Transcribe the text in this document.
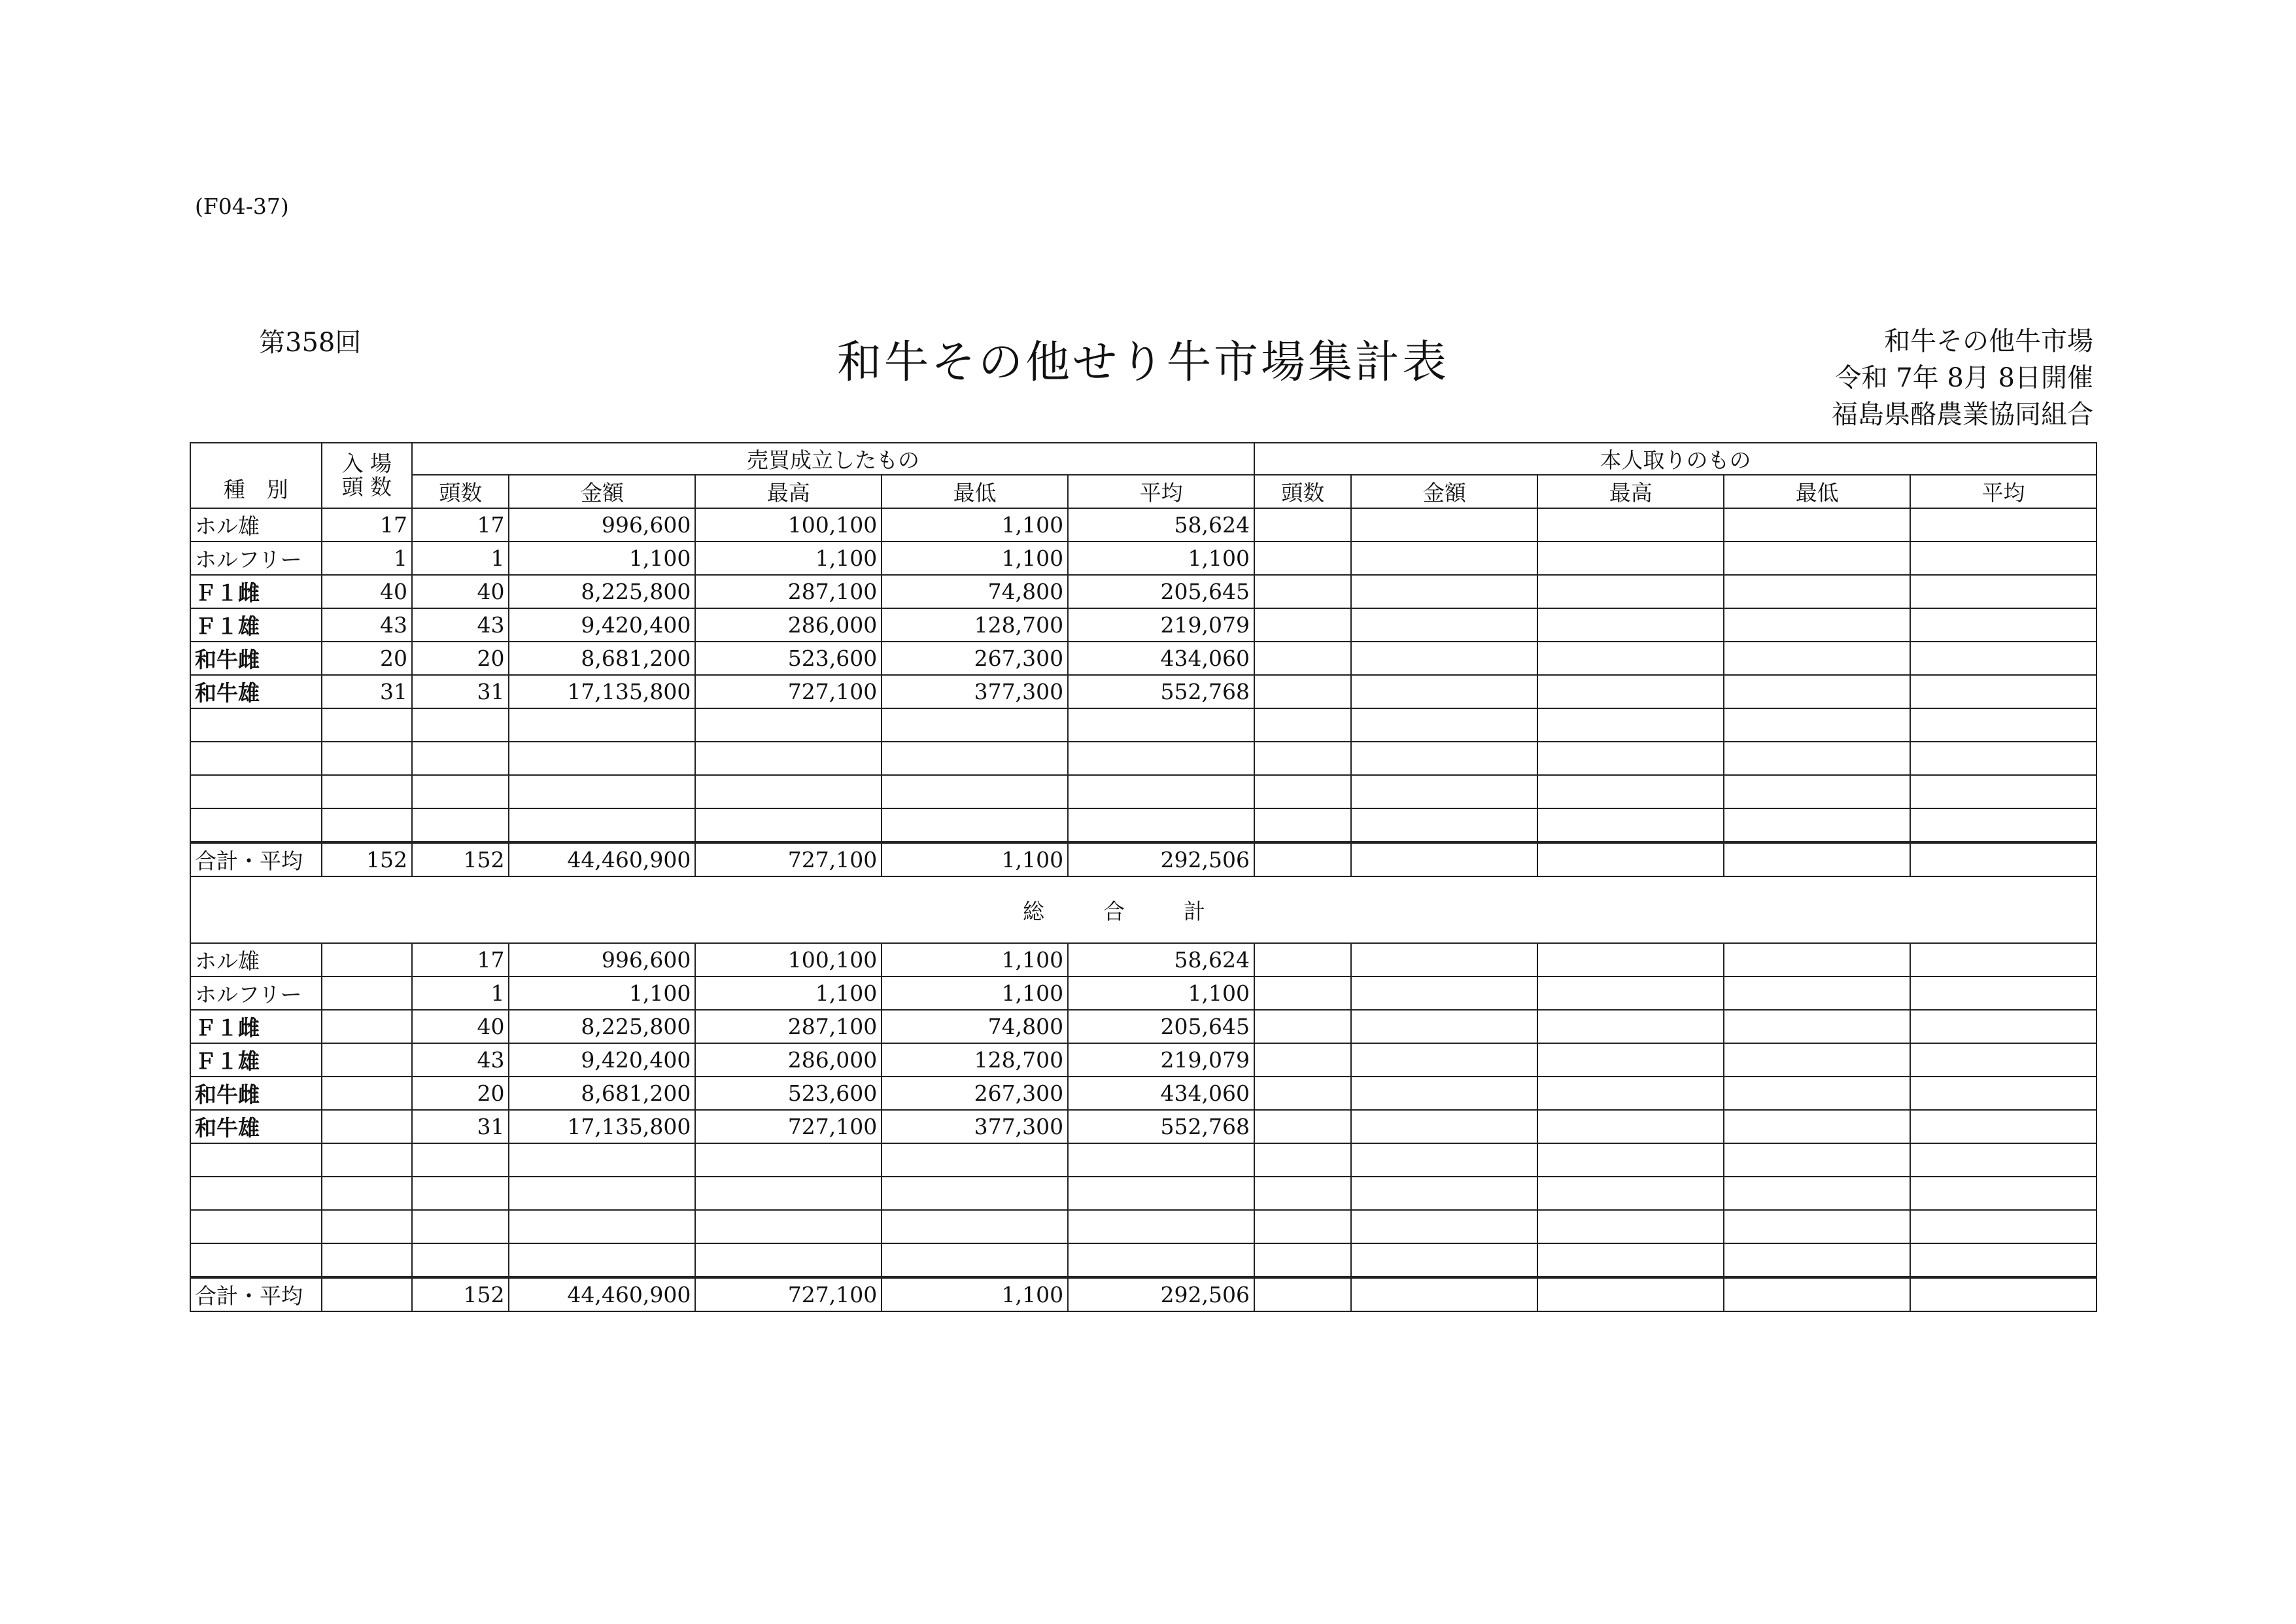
(F04-37)
第358回	和牛その他せり牛市場集計表	和牛その他牛市場
令和 7年 8月 8日開催
福島県酪農業協同組合

種　別	入 場
頭 数	売買成立したもの					本人取りのもの				
		頭数	金額	最高	最低	平均	頭数	金額	最高	最低	平均
ホル雄	17	17	996,600	100,100	1,100	58,624					
ホルフリー	1	1	1,100	1,100	1,100	1,100					
Ｆ１雌	40	40	8,225,800	287,100	74,800	205,645					
Ｆ１雄	43	43	9,420,400	286,000	128,700	219,079					
和牛雌	20	20	8,681,200	523,600	267,300	434,060					
和牛雄	31	31	17,135,800	727,100	377,300	552,768					

合計・平均	152	152	44,460,900	727,100	1,100	292,506					
総合計											
ホル雄		17	996,600	100,100	1,100	58,624					
ホルフリー		1	1,100	1,100	1,100	1,100					
Ｆ１雌		40	8,225,800	287,100	74,800	205,645					
Ｆ１雄		43	9,420,400	286,000	128,700	219,079					
和牛雌		20	8,681,200	523,600	267,300	434,060					
和牛雄		31	17,135,800	727,100	377,300	552,768					

合計・平均		152	44,460,900	727,100	1,100	292,506					
